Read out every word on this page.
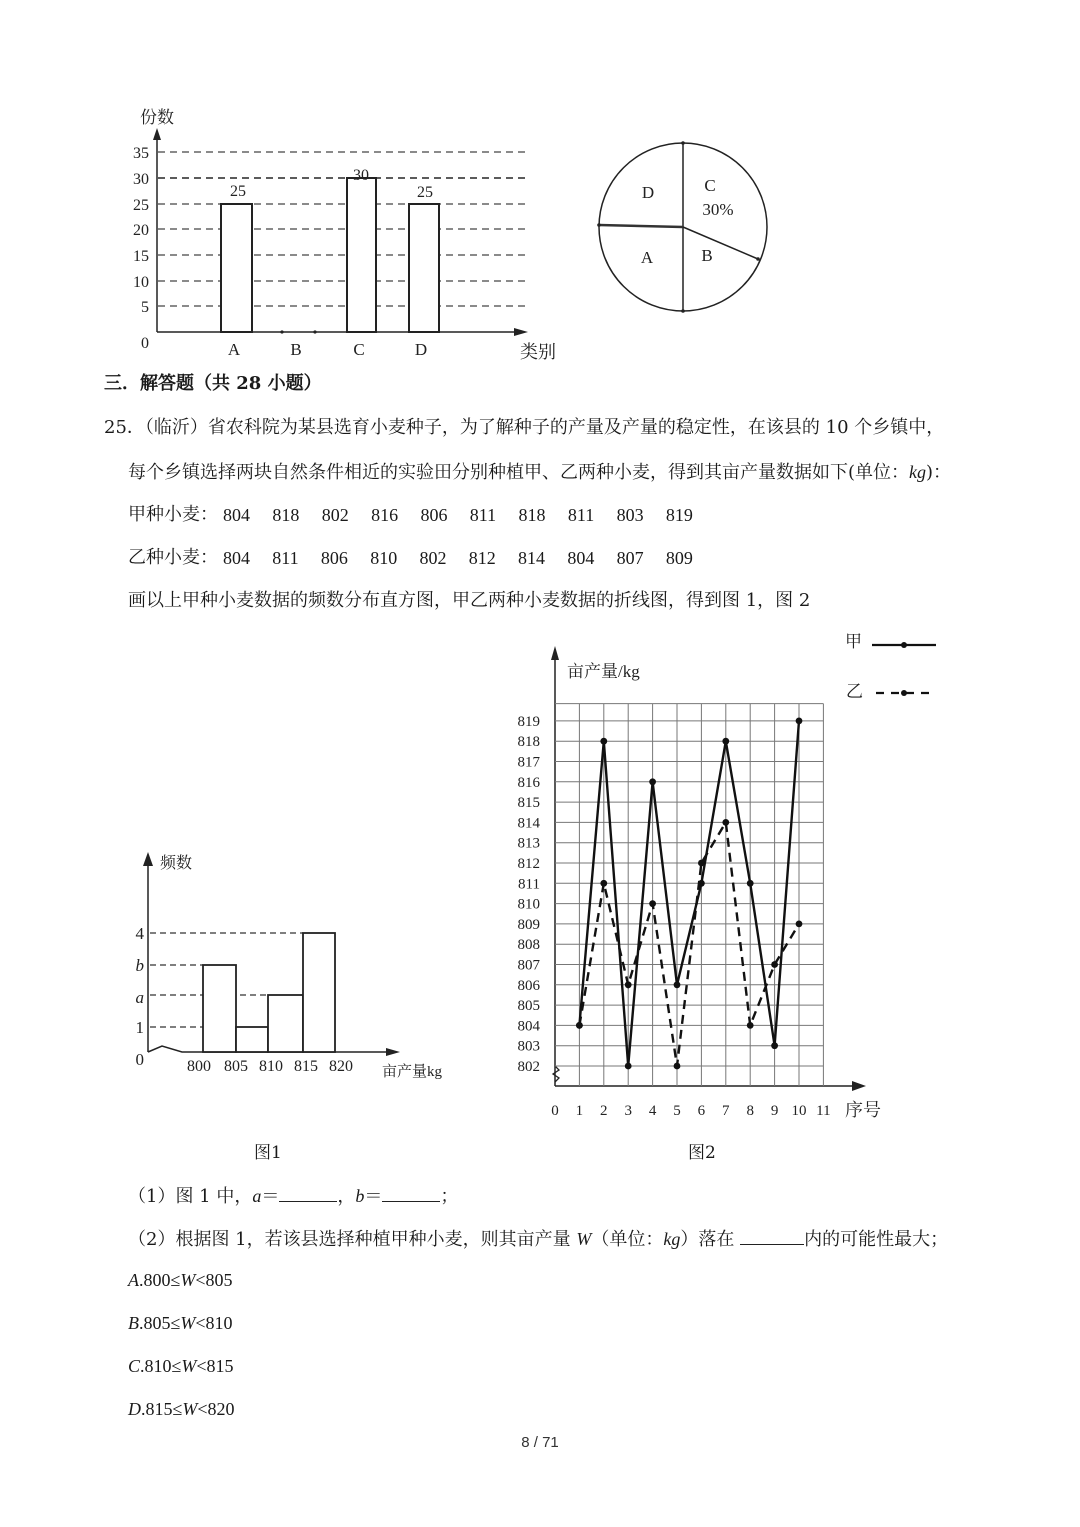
份数
35
30
25
20
15
10
5
0
25
30
25
A	B	C	D	类别
D	C
30%
A	B
三．解答题（共 28 小题）
25．（临沂）省农科院为某县选育小麦种子，为了解种子的产量及产量的稳定性，在该县的 10 个乡镇中，
每个乡镇选择两块自然条件相近的实验田分别种植甲、乙两种小麦，得到其亩产量数据如下(单位：kg)：
甲种小麦： 804 818 802 816 806 811 818 811 803 819
乙种小麦： 804 811 806 810 802 812 814 804 807 809
画以上甲种小麦数据的频数分布直方图，甲乙两种小麦数据的折线图，得到图 1，图 2
频数
4
b
a
1
0	800 805 810 815 820 亩产量kg
图1
甲
乙
亩产量/kg
802
803
804
805
806
807
808
809
810
811
812
813
814
815
816
817
818
819
0 1 2 3 4 5 6 7 8 9 10 11 序号
图2
（1）图 1 中，a＝	，b＝	；
（2）根据图 1，若该县选择种植甲种小麦，则其亩产量 W（单位：kg）落在	内的可能性最大；
A.800≤W<805
B.805≤W<810
C.810≤W<815
D.815≤W<820
8 / 71
